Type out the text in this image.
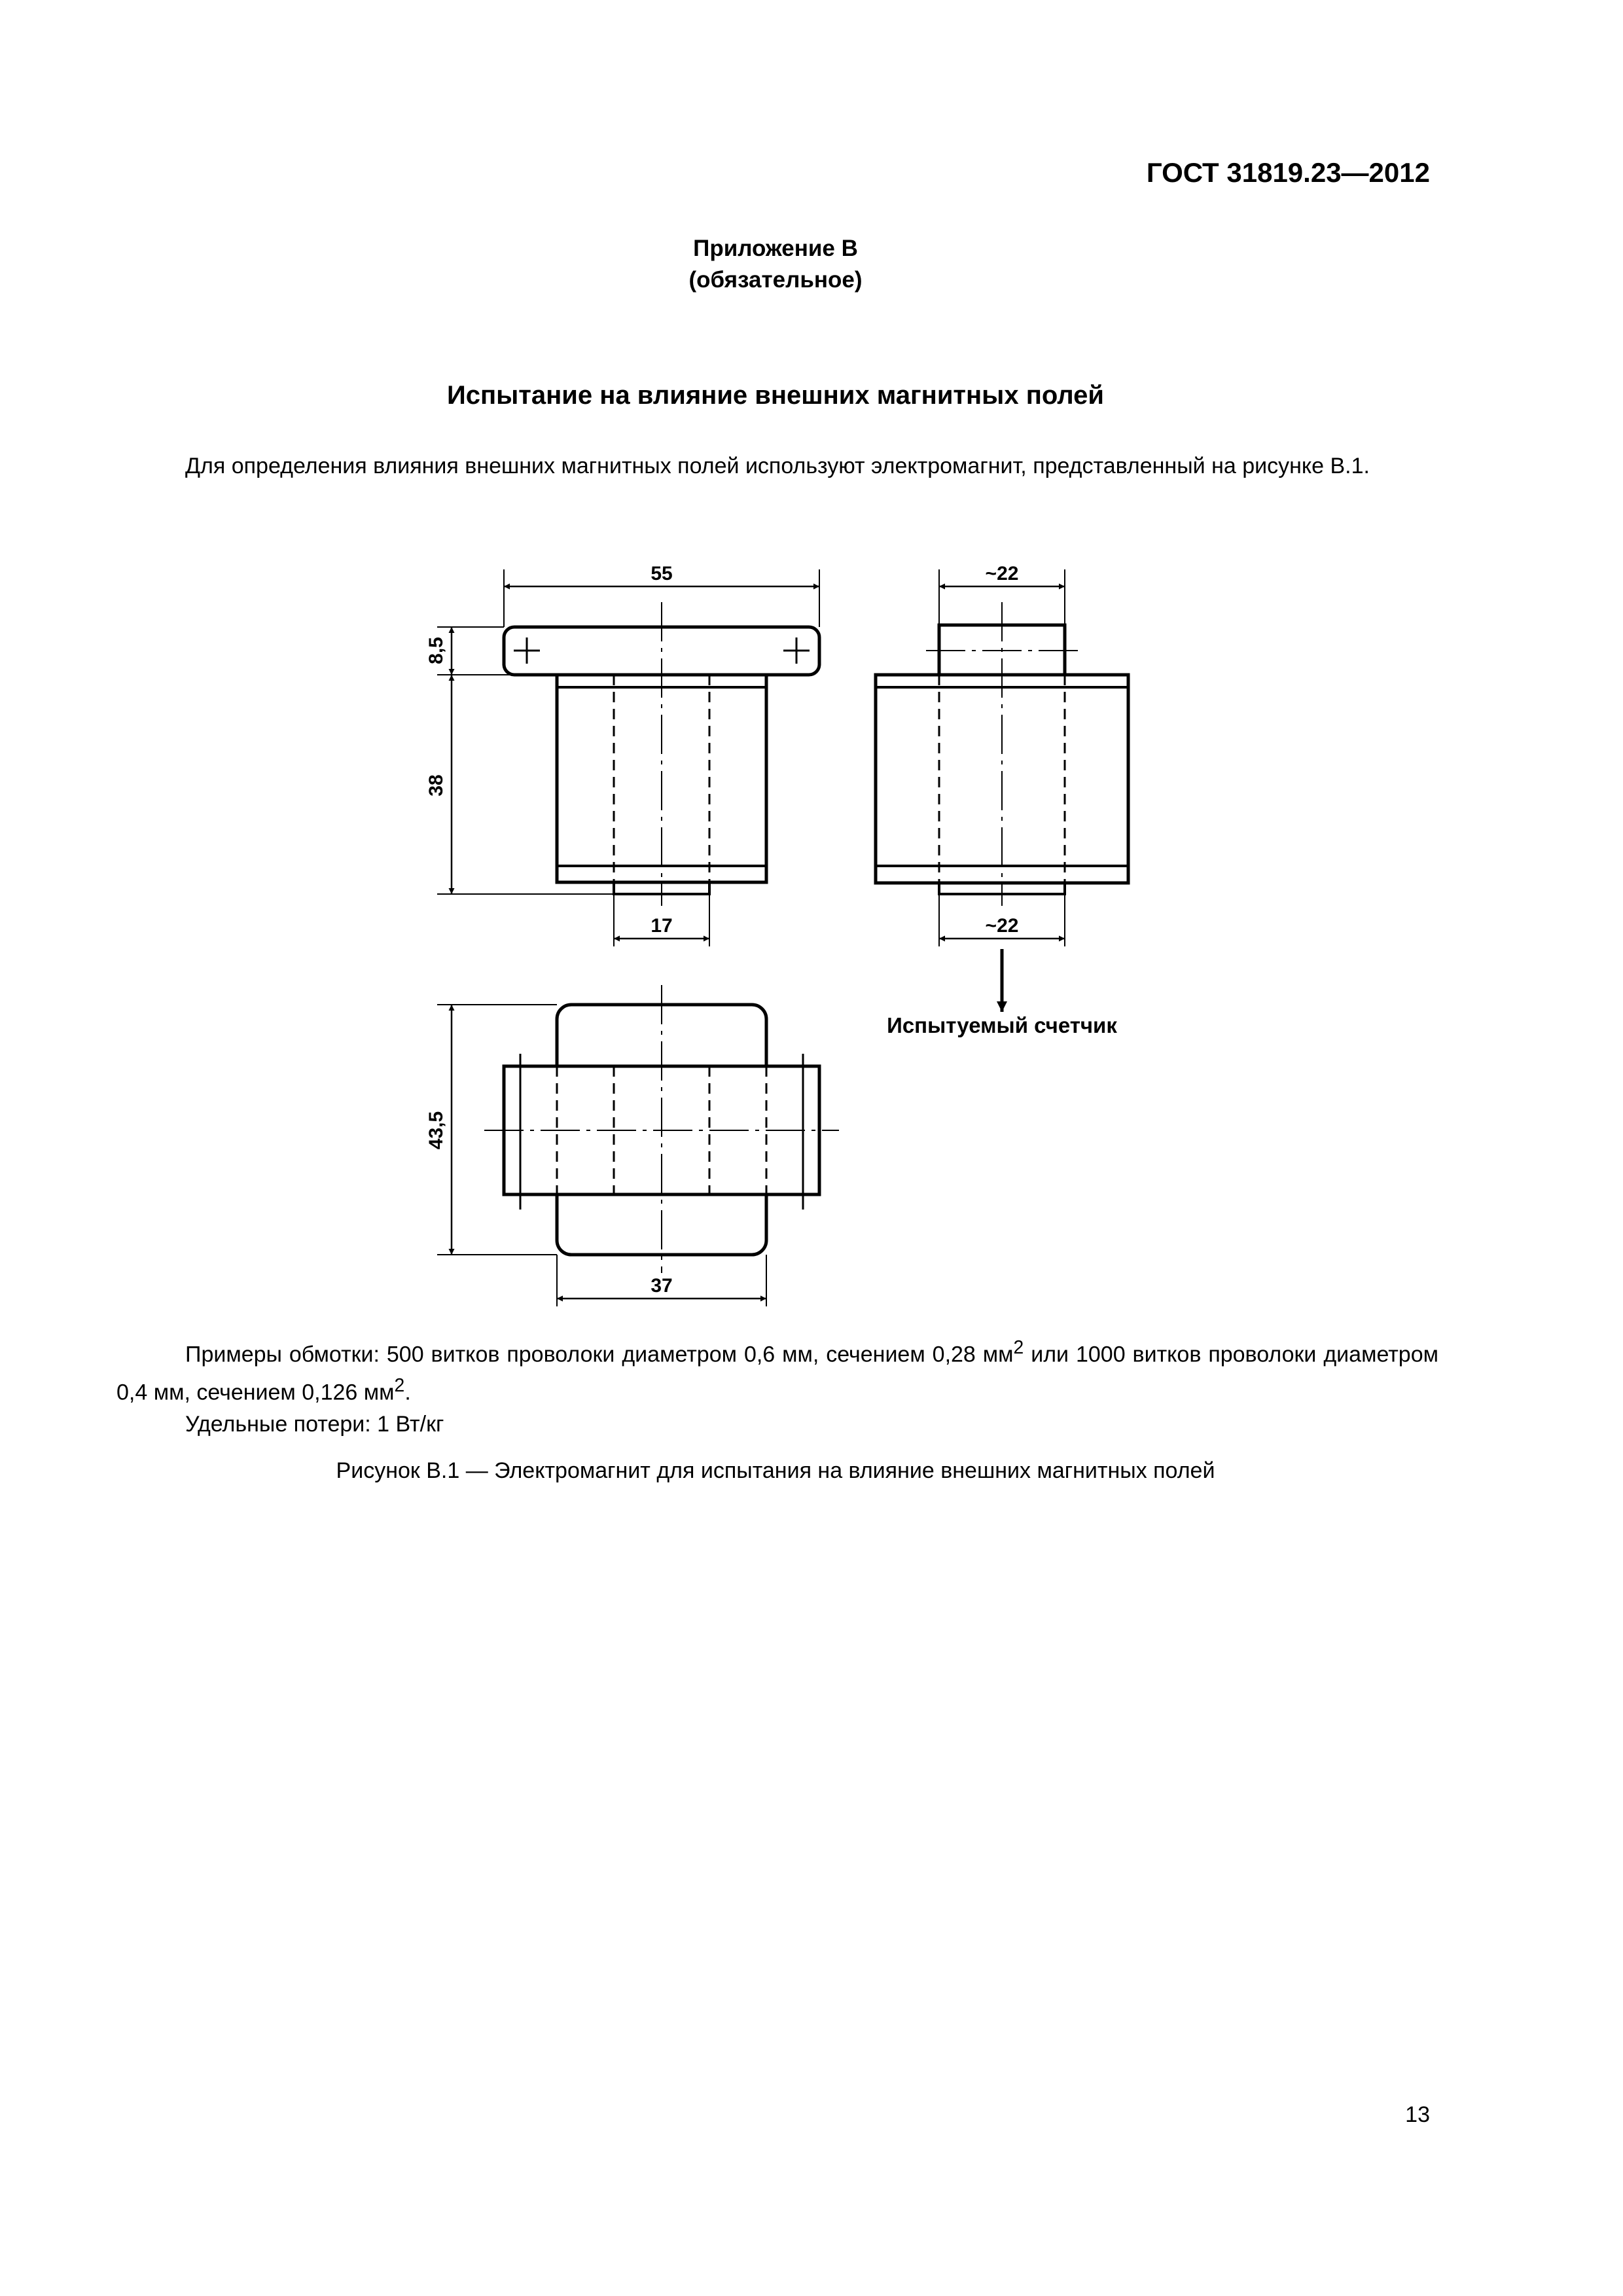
ГОСТ 31819.23—2012
Приложение В
(обязательное)
Испытание на влияние внешних магнитных полей
Для определения влияния внешних магнитных полей используют электромагнит, представленный на рисунке В.1.
55
8,5
38
17
~22
~22
Испытуемый счетчик
43,5
37

Примеры обмотки: 500 витков проволоки диаметром 0,6 мм, сечением 0,28 $мм^2$ или 1000 витков проволоки диаметром 0,4 мм, сечением 0,126 $мм^2$.

Удельные потери: 1 Вт/кг

Рисунок В.1 — Электромагнит для испытания на влияние внешних магнитных полей
13
